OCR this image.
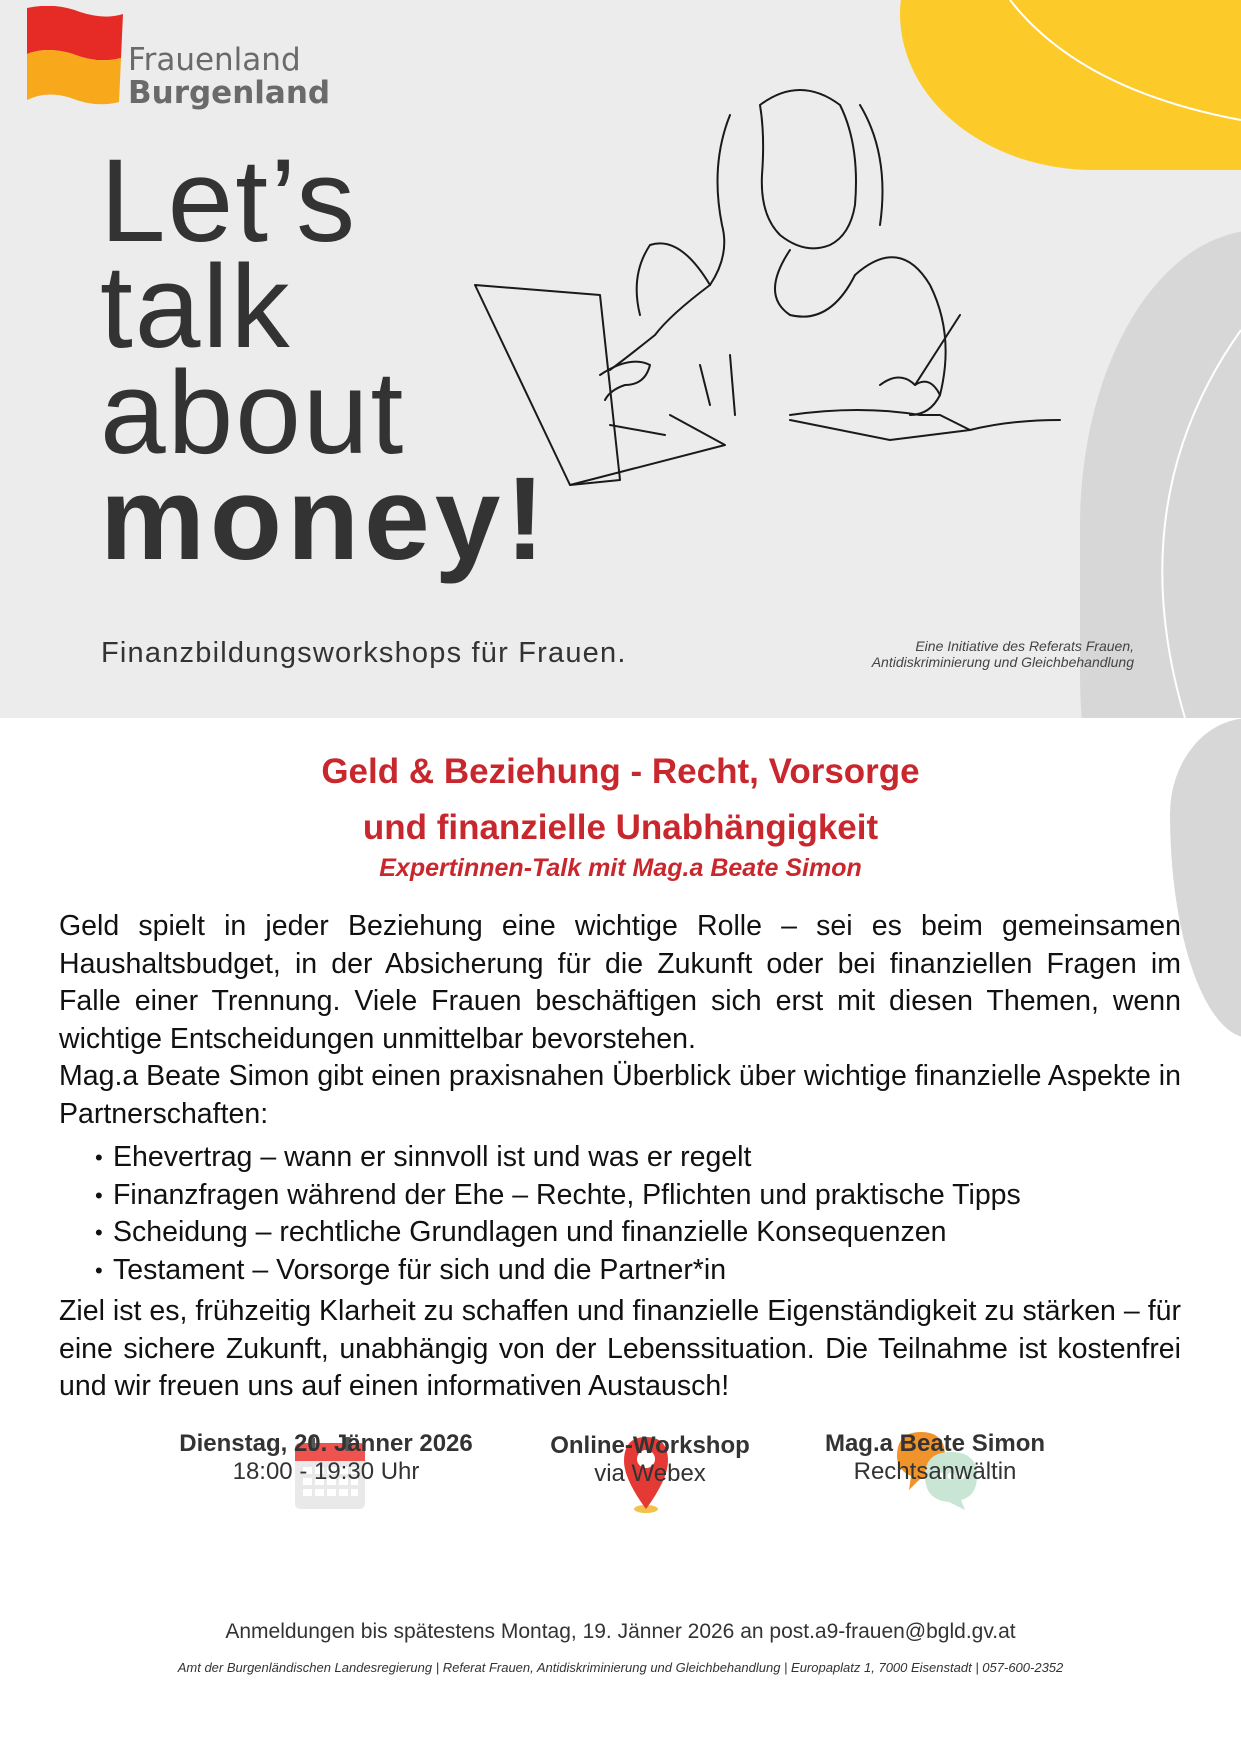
Frauenland
Burgenland
Let’s
talk
about
money!
Finanzbildungsworkshops für Frauen.	Eine Initiative des Referats Frauen,
Antidiskriminierung und Gleichbehandlung
Geld & Beziehung - Recht, Vorsorge
und finanzielle Unabhängigkeit
Expertinnen-Talk mit Mag.a Beate Simon

Geld spielt in jeder Beziehung eine wichtige Rolle – sei es beim gemeinsamen Haushaltsbudget, in der Absicherung für die Zukunft oder bei finanziellen Fragen im Falle einer Trennung. Viele Frauen beschäftigen sich erst mit diesen Themen, wenn wichtige Entscheidungen unmittelbar bevorstehen.

Mag.a Beate Simon gibt einen praxisnahen Überblick über wichtige finanzielle Aspekte in Partnerschaften:

• Ehevertrag – wann er sinnvoll ist und was er regelt
• Finanzfragen während der Ehe – Rechte, Pflichten und praktische Tipps
• Scheidung – rechtliche Grundlagen und finanzielle Konsequenzen
• Testament – Vorsorge für sich und die Partner*in

Ziel ist es, frühzeitig Klarheit zu schaffen und finanzielle Eigenständigkeit zu stärken – für eine sichere Zukunft, unabhängig von der Lebenssituation. Die Teilnahme ist kostenfrei und wir freuen uns auf einen informativen Austausch!

Dienstag, 20. Jänner 2026
18:00 - 19:30 Uhr
Online-Workshop
via Webex
Mag.a Beate Simon
Rechtsanwältin
Anmeldungen bis spätestens Montag, 19. Jänner 2026 an post.a9-frauen@bgld.gv.at
Amt der Burgenländischen Landesregierung | Referat Frauen, Antidiskriminierung und Gleichbehandlung | Europaplatz 1, 7000 Eisenstadt | 057-600-2352
